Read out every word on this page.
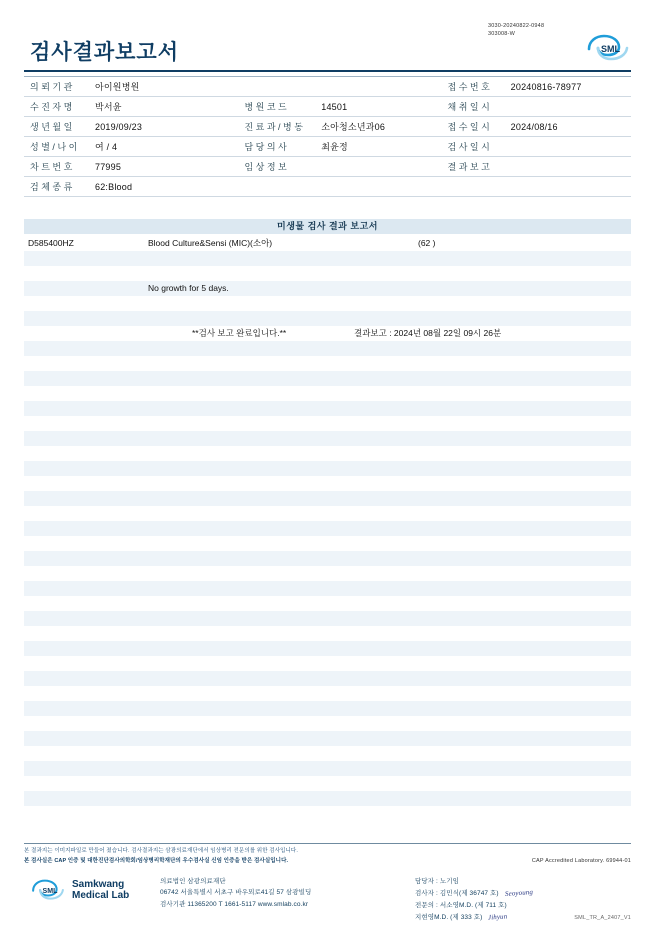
3030-20240822-0948
303008-W
SML
검사결과보고서
의뢰기관	아이원병원			접수번호	20240816-78977
수진자명	박서윤	병원코드	14501	채취일시	
생년월일	2019/09/23	진료과/병동	소아청소년과06	접수일시	2024/08/16
성별/나이	여 / 4	담당의사	최윤정	검사일시	
차트번호	77995	임상정보		결과보고	
검체종류	62:Blood				
미생물 검사 결과 보고서
D585400HZ	Blood Culture&Sensi (MIC)(소아)	(62 )
No growth for 5 days.
**검사 보고 완료입니다.**	결과보고 : 2024년 08월 22일 09시 26분
본 결과지는 이미지파일로 만들어 졌습니다. 검사결과지는 삼광의료재단에서 임상병리 전문의를 위한 검사입니다.
본 검사실은 CAP 인증 및 대한진단검사의학회/임상병리학재단의 우수검사실 신임 인증을 받은 검사실입니다.	CAP Accredited Laboratory. 69944-01
SML
Samkwang
Medical Lab
의료법인 삼광의료재단
06742 서울특별시 서초구 바우뫼로41길 57 삼광빌딩
검사기관 11365200 T 1661-5117 www.smlab.co.kr
담당자 : 노기임
검사자 : 김민식(제 36747 호) Seoyoung
전문의 : 서소영M.D. (제 711 호)
지현영M.D. (제 333 호) Jihyun	SML_TR_A_2407_V1
